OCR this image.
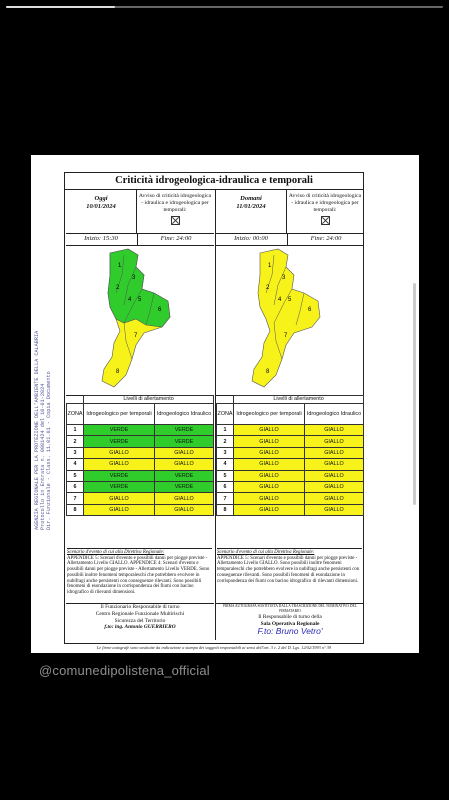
AGENZIA REGIONALE PER LA PROTEZIONE DELL'AMBIENTE DELLA CALABRIA
Protocollo in Entrata n. 0001424 del 10-01-2024
Dir. Funzionale - Class. 11.01.01 - Copia Documento
Criticità idrogeologica-idraulica e temporali
Oggi
10/01/2024
Avviso di criticità idrogeologica - idraulica e idrogeologica per temporali:
Inizio: 15:30	Fine: 24:00
1
2
3
4 5
6
7
8
	Livelli di allertamento	
ZONA	Idrogeologico per temporali	Idrogeologico Idraulico
1	VERDE	VERDE
2	VERDE	VERDE
3	GIALLO	GIALLO
4	GIALLO	GIALLO
5	VERDE	VERDE
6	VERDE	VERDE
7	GIALLO	GIALLO
8	GIALLO	GIALLO
Scenario d'evento di cui alla Direttiva Regionale:
APPENDICE 5: Scenari d'evento e possibili danni per piogge previste - Allertamento Livello GIALLO. APPENDICE 4: Scenari d'evento e possibili danni per piogge previste - Allertamento Livello VERDE. Sono possibili inoltre fenomeni temporaleschi che potrebbero evolvere in nubifragi anche persistenti con conseguenze rilevanti. Sono possibili fenomeni di esondazione in corrispondenza dei fiumi con bacino idrografico di rilevanti dimensioni.
Il Funzionario Responsabile di turno
Centro Regionale Funzionale Multirischi
Sicurezza del Territorio
f.to: ing. Antonio GUERRIERO
Domani
11/01/2024
Avviso di criticità idrogeologica - idraulica e idrogeologica per temporali:
Inizio: 00:00	Fine: 24:00
1
2
3
4 5
6
7
8
	Livelli di allertamento	
ZONA	Idrogeologico per temporali	Idrogeologico Idraulico
1	GIALLO	GIALLO
2	GIALLO	GIALLO
3	GIALLO	GIALLO
4	GIALLO	GIALLO
5	GIALLO	GIALLO
6	GIALLO	GIALLO
7	GIALLO	GIALLO
8	GIALLO	GIALLO
Scenario d'evento di cui alla Direttiva Regionale:
APPENDICE 5: Scenari d'evento e possibili danni per piogge previste - Allertamento Livello GIALLO. Sono possibili inoltre fenomeni temporaleschi che potrebbero evolvere in nubifragi anche persistenti con conseguenze rilevanti. Sono possibili fenomeni di esondazione in corrispondenza dei fiumi con bacino idrografico di rilevanti dimensioni.
FIRMA AUTOGRAFA SOSTITUITA DALLA TRASCRIZIONE DEL NOMINATIVO DEL FIRMATARIO
Il Responsabile di turno della
Sala Operativa Regionale
F.to: Bruno Vetro'
Le firme autografe sono sostituite da indicazione a stampa dei soggetti responsabili ai sensi dell'art. 3 c. 2 del D. Lgs. 12/02/1993 n° 39
@comunedipolistena_official
